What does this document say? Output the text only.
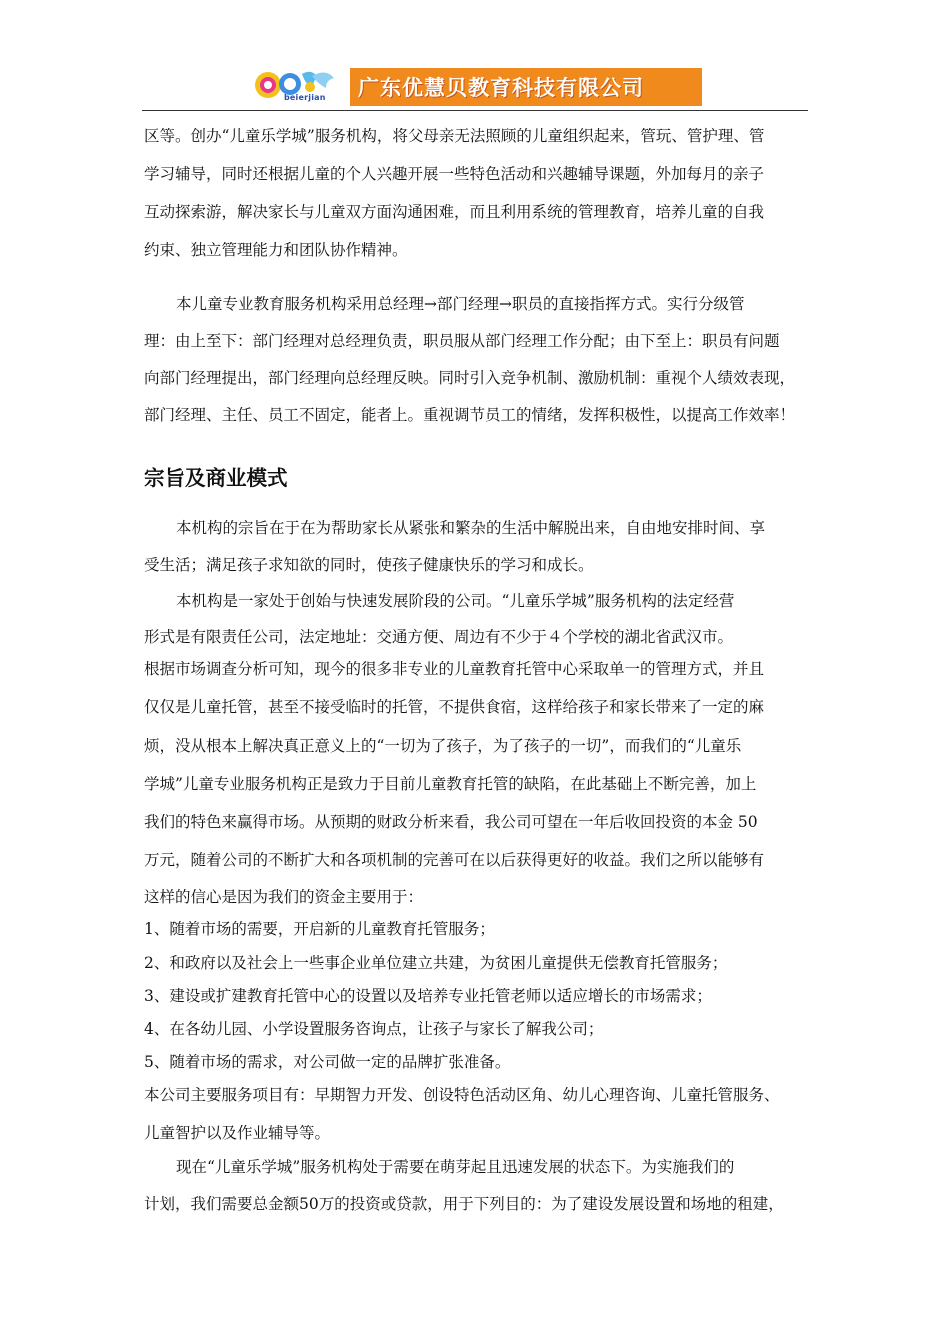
beierjian 广东优慧贝教育科技有限公司
区等。创办“儿童乐学城”服务机构，将父母亲无法照顾的儿童组织起来，管玩、管护理、管
学习辅导，同时还根据儿童的个人兴趣开展一些特色活动和兴趣辅导课题，外加每月的亲子
互动探索游，解决家长与儿童双方面沟通困难，而且利用系统的管理教育，培养儿童的自我
约束、独立管理能力和团队协作精神。
本儿童专业教育服务机构采用总经理→部门经理→职员的直接指挥方式。实行分级管
理：由上至下：部门经理对总经理负责，职员服从部门经理工作分配；由下至上：职员有问题
向部门经理提出，部门经理向总经理反映。同时引入竞争机制、激励机制：重视个人绩效表现，
部门经理、主任、员工不固定，能者上。重视调节员工的情绪，发挥积极性，以提高工作效率！
宗旨及商业模式
本机构的宗旨在于在为帮助家长从紧张和繁杂的生活中解脱出来，自由地安排时间、享
受生活；满足孩子求知欲的同时，使孩子健康快乐的学习和成长。
本机构是一家处于创始与快速发展阶段的公司。“儿童乐学城”服务机构的法定经营
形式是有限责任公司，法定地址：交通方便、周边有不少于４个学校的湖北省武汉市。
根据市场调查分析可知，现今的很多非专业的儿童教育托管中心采取单一的管理方式，并且
仅仅是儿童托管，甚至不接受临时的托管，不提供食宿，这样给孩子和家长带来了一定的麻
烦，没从根本上解决真正意义上的“一切为了孩子，为了孩子的一切”，而我们的“儿童乐
学城”儿童专业服务机构正是致力于目前儿童教育托管的缺陷，在此基础上不断完善，加上
我们的特色来赢得市场。从预期的财政分析来看，我公司可望在一年后收回投资的本金 50
万元，随着公司的不断扩大和各项机制的完善可在以后获得更好的收益。我们之所以能够有
这样的信心是因为我们的资金主要用于：
1、随着市场的需要，开启新的儿童教育托管服务；
2、和政府以及社会上一些事企业单位建立共建，为贫困儿童提供无偿教育托管服务；
3、建设或扩建教育托管中心的设置以及培养专业托管老师以适应增长的市场需求；
4、在各幼儿园、小学设置服务咨询点，让孩子与家长了解我公司；
5、随着市场的需求，对公司做一定的品牌扩张准备。
本公司主要服务项目有：早期智力开发、创设特色活动区角、幼儿心理咨询、儿童托管服务、
儿童智护以及作业辅导等。
现在“儿童乐学城”服务机构处于需要在萌芽起且迅速发展的状态下。为实施我们的
计划，我们需要总金额50万的投资或贷款，用于下列目的：为了建设发展设置和场地的租建，
